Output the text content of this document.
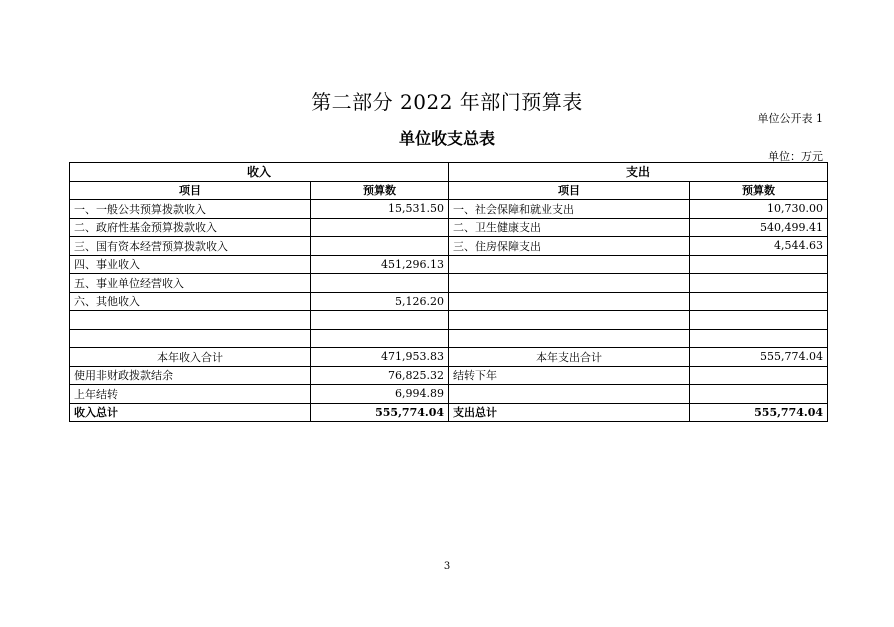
第二部分 2022 年部门预算表
单位公开表 1
单位收支总表
单位：万元
收入		支出	
项目	预算数	项目	预算数
一、一般公共预算拨款收入	15,531.50	一、社会保障和就业支出	10,730.00
二、政府性基金预算拨款收入		二、卫生健康支出	540,499.41
三、国有资本经营预算拨款收入		三、住房保障支出	4,544.63
四、事业收入	451,296.13		
五、事业单位经营收入			
六、其他收入	5,126.20		

本年收入合计	471,953.83	本年支出合计	555,774.04
使用非财政拨款结余	76,825.32	结转下年	
上年结转	6,994.89		
收入总计	555,774.04	支出总计	555,774.04
3
